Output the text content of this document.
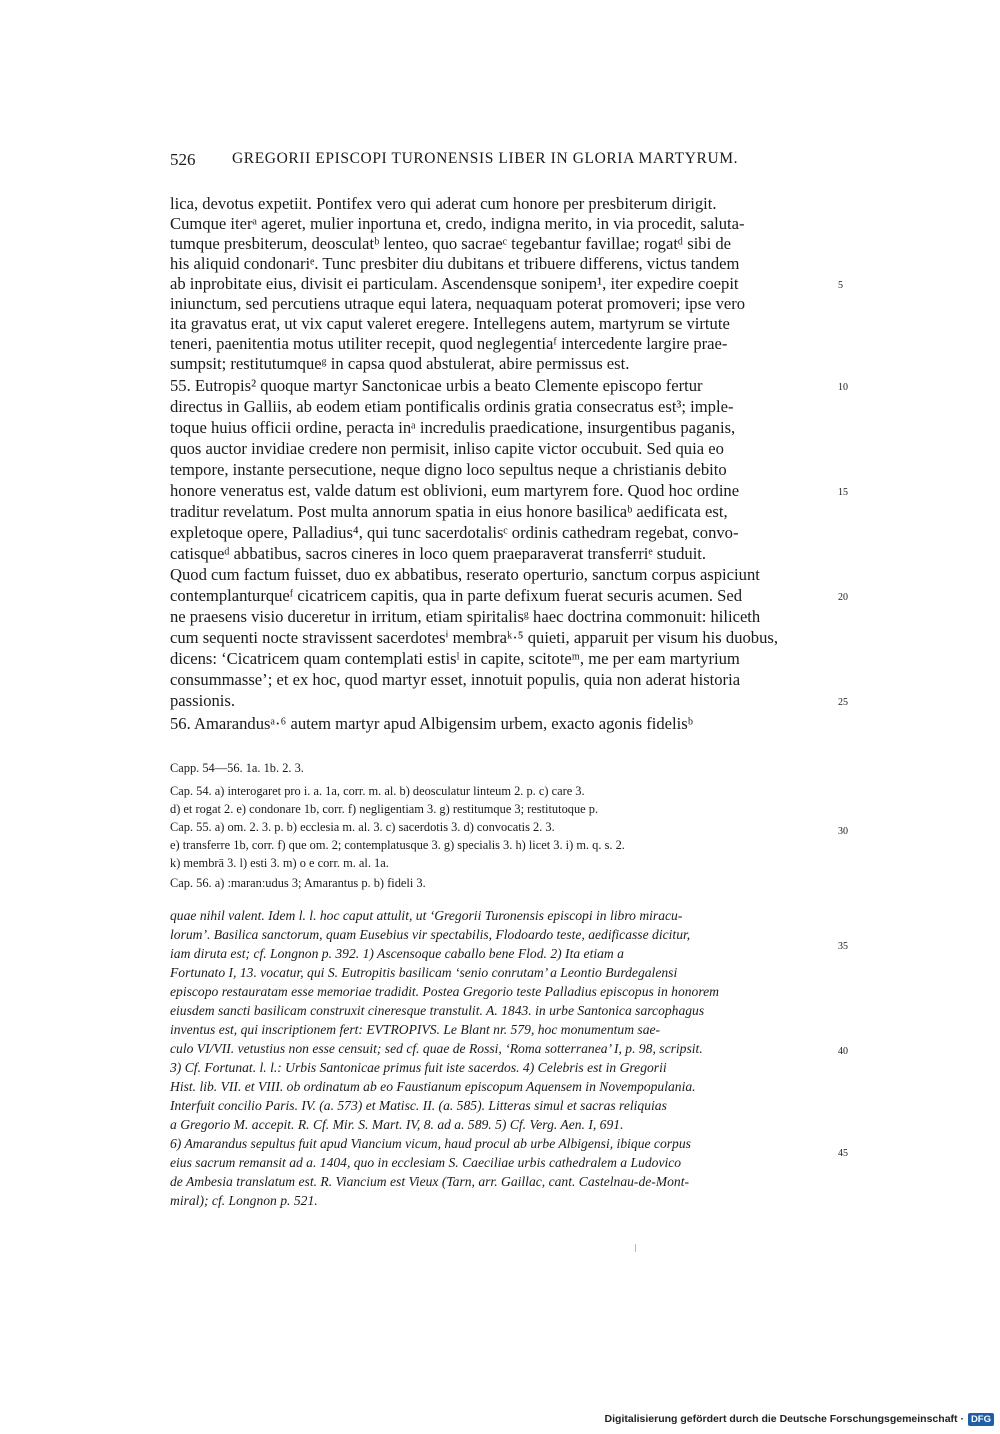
526 GREGORII EPISCOPI TURONENSIS LIBER IN GLORIA MARTYRUM.
lica, devotus expetiit. Pontifex vero qui aderat cum honore per presbiterum dirigit.
Cumque iterᵃ ageret, mulier inportuna et, credo, indigna merito, in via procedit, saluta-
tumque presbiterum, deosculatᵇ lenteo, quo sacraeᶜ tegebantur favillae; rogatᵈ sibi de
his aliquid condonariᵉ. Tunc presbiter diu dubitans et tribuere differens, victus tandem
ab inprobitate eius, divisit ei particulam. Ascendensque sonipem¹, iter expedire coepit
iniunctum, sed percutiens utraque equi latera, nequaquam poterat promoveri; ipse vero
ita gravatus erat, ut vix caput valeret eregere. Intellegens autem, martyrum se virtute
teneri, paenitentia motus utiliter recepit, quod neglegentiaᶠ intercedente largire prae-
sumpsit; restitutumqueᵍ in capsa quod abstulerat, abire permissus est.
55. Eutropis² quoque martyr Sanctonicae urbis a beato Clemente episcopo fertur
directus in Galliis, ab eodem etiam pontificalis ordinis gratia consecratus est³; imple-
toque huius officii ordine, peracta inᵃ incredulis praedicatione, insurgentibus paganis,
quos auctor invidiae credere non permisit, inliso capite victor occubuit. Sed quia eo
tempore, instante persecutione, neque digno loco sepultus neque a christianis debito
honore veneratus est, valde datum est oblivioni, eum martyrem fore. Quod hoc ordine
traditur revelatum. Post multa annorum spatia in eius honore basilicaᵇ aedificata est,
expletoque opere, Palladius⁴, qui tunc sacerdotalisᶜ ordinis cathedram regebat, convo-
catisqueᵈ abbatibus, sacros cineres in loco quem praeparaverat transferriᵉ studuit.
Quod cum factum fuisset, duo ex abbatibus, reserato operturio, sanctum corpus aspiciunt
contemplanturqueᶠ cicatricem capitis, qua in parte defixum fuerat securis acumen. Sed
ne praesens visio duceretur in irritum, etiam spiritalisᵍ haec doctrina commonuit: hiliceth
cum sequenti nocte stravissent sacerdotesⁱ membraᵏ·⁵ quieti, apparuit per visum his duobus,
dicens: ‘Cicatricem quam contemplati estisˡ in capite, scitoteᵐ, me per eam martyrium
consummasse’; et ex hoc, quod martyr esset, innotuit populis, quia non aderat historia
passionis.
56. Amarandusᵃ·⁶ autem martyr apud Albigensim urbem, exacto agonis fidelisᵇ
5
10
15
20
25
Capp. 54—56. 1a. 1b. 2. 3.
Cap. 54. a) interogaret pro i. a. 1a, corr. m. al. b) deosculatur linteum 2. p. c) care 3.
d) et rogat 2. e) condonare 1b, corr. f) negligentiam 3. g) restitumque 3; restitutoque p.
Cap. 55. a) om. 2. 3. p. b) ecclesia m. al. 3. c) sacerdotis 3. d) convocatis 2. 3.
e) transferre 1b, corr. f) que om. 2; contemplatusque 3. g) specialis 3. h) licet 3. i) m. q. s. 2.
k) membrā 3. l) esti 3. m) o e corr. m. al. 1a.
Cap. 56. a) :maran:udus 3; Amarantus p. b) fideli 3.
30
quae nihil valent. Idem l. l. hoc caput attulit, ut ‘Gregorii Turonensis episcopi in libro miracu-
lorum’. Basilica sanctorum, quam Eusebius vir spectabilis, Flodoardo teste, aedificasse dicitur,
iam diruta est; cf. Longnon p. 392. 1) Ascensoque caballo bene Flod. 2) Ita etiam a
Fortunato I, 13. vocatur, qui S. Eutropitis basilicam ‘senio conrutam’ a Leontio Burdegalensi
episcopo restauratam esse memoriae tradidit. Postea Gregorio teste Palladius episcopus in honorem
eiusdem sancti basilicam construxit cineresque transtulit. A. 1843. in urbe Santonica sarcophagus
inventus est, qui inscriptionem fert: EVTROPIVS. Le Blant nr. 579, hoc monumentum sae-
culo VI/VII. vetustius non esse censuit; sed cf. quae de Rossi, ‘Roma sotterranea’ I, p. 98, scripsit.
3) Cf. Fortunat. l. l.: Urbis Santonicae primus fuit iste sacerdos. 4) Celebris est in Gregorii
Hist. lib. VII. et VIII. ob ordinatum ab eo Faustianum episcopum Aquensem in Novempopulania.
Interfuit concilio Paris. IV. (a. 573) et Matisc. II. (a. 585). Litteras simul et sacras reliquias
a Gregorio M. accepit. R. Cf. Mir. S. Mart. IV, 8. ad a. 589. 5) Cf. Verg. Aen. I, 691.
6) Amarandus sepultus fuit apud Viancium vicum, haud procul ab urbe Albigensi, ibique corpus
eius sacrum remansit ad a. 1404, quo in ecclesiam S. Caeciliae urbis cathedralem a Ludovico
de Ambesia translatum est. R. Viancium est Vieux (Tarn, arr. Gaillac, cant. Castelnau-de-Mont-
miral); cf. Longnon p. 521.
35
40
45
Digitalisierung gefördert durch die Deutsche Forschungsgemeinschaft · DFG
